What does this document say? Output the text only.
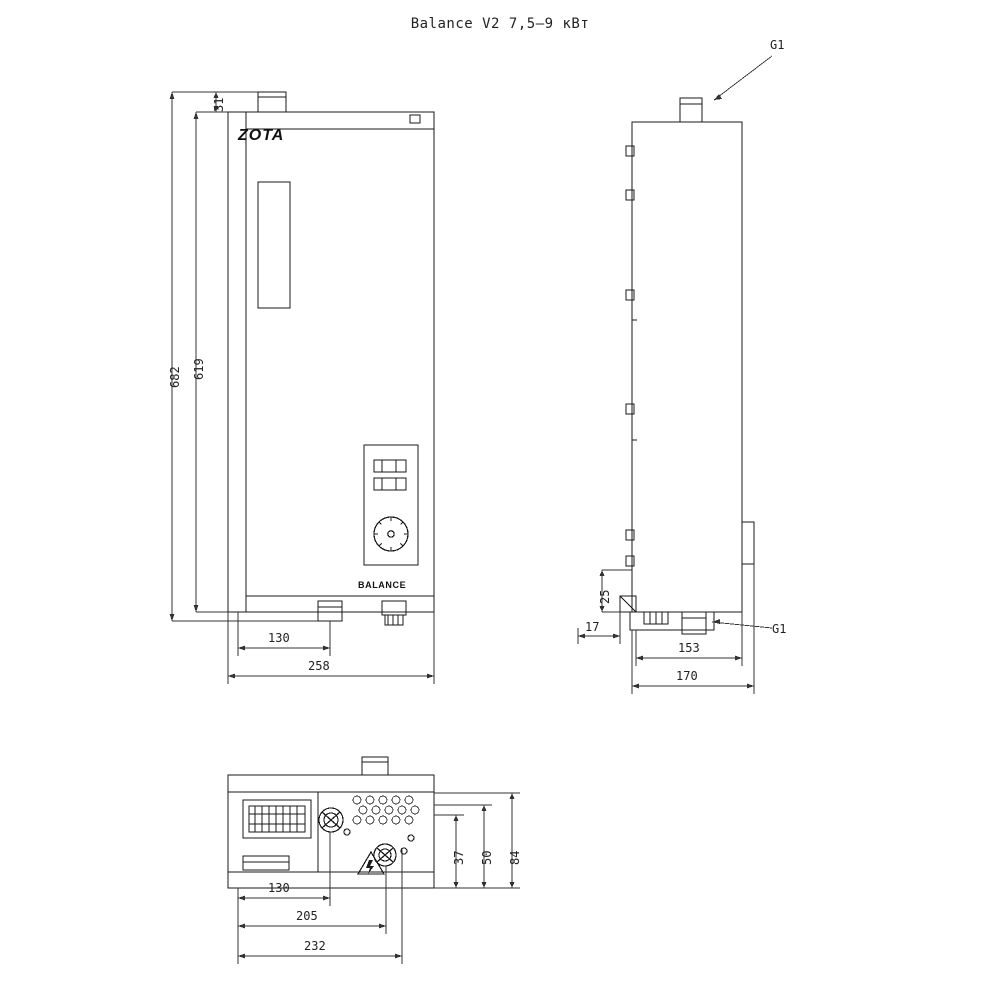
Balance V2 7,5–9 кВт
ZOTA
BALANCE
31
619
682
130
258
G1
G1
25
17
153
170
37 50 84
130
205
232
